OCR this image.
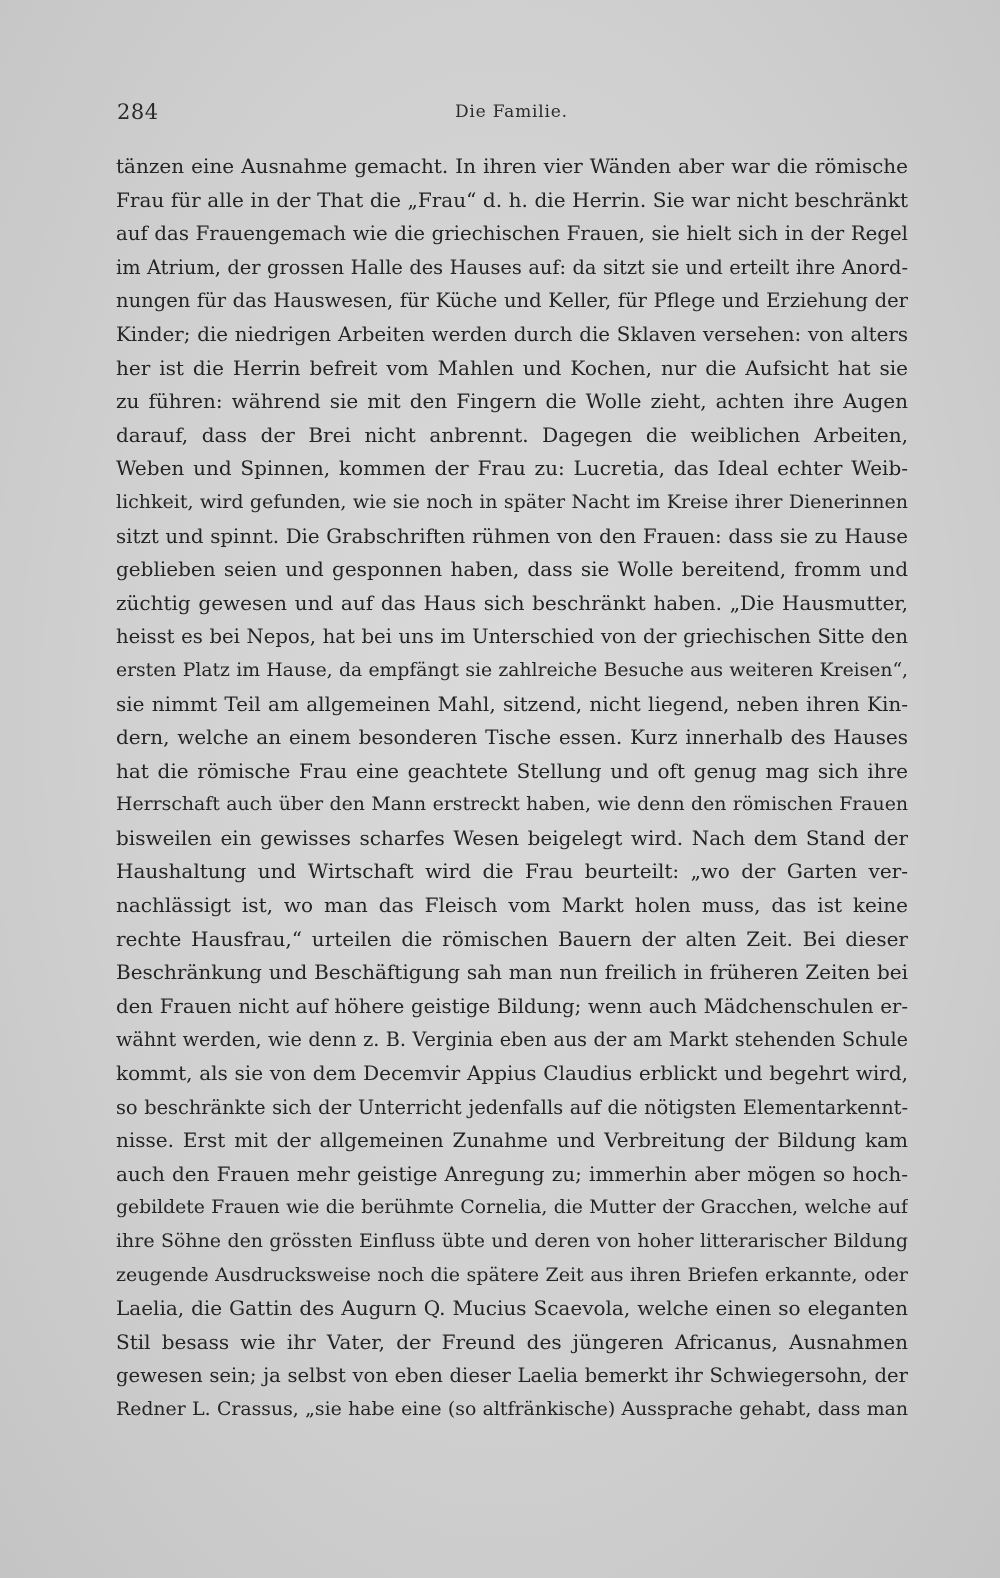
284	Die Familie.
tänzen eine Ausnahme gemacht. In ihren vier Wänden aber war die römische
Frau für alle in der That die „Frau“ d. h. die Herrin. Sie war nicht beschränkt
auf das Frauengemach wie die griechischen Frauen, sie hielt sich in der Regel
im Atrium, der grossen Halle des Hauses auf: da sitzt sie und erteilt ihre Anord-
nungen für das Hauswesen, für Küche und Keller, für Pflege und Erziehung der
Kinder; die niedrigen Arbeiten werden durch die Sklaven versehen: von alters
her ist die Herrin befreit vom Mahlen und Kochen, nur die Aufsicht hat sie
zu führen: während sie mit den Fingern die Wolle zieht, achten ihre Augen
darauf, dass der Brei nicht anbrennt. Dagegen die weiblichen Arbeiten,
Weben und Spinnen, kommen der Frau zu: Lucretia, das Ideal echter Weib-
lichkeit, wird gefunden, wie sie noch in später Nacht im Kreise ihrer Dienerinnen
sitzt und spinnt. Die Grabschriften rühmen von den Frauen: dass sie zu Hause
geblieben seien und gesponnen haben, dass sie Wolle bereitend, fromm und
züchtig gewesen und auf das Haus sich beschränkt haben. „Die Hausmutter,
heisst es bei Nepos, hat bei uns im Unterschied von der griechischen Sitte den
ersten Platz im Hause, da empfängt sie zahlreiche Besuche aus weiteren Kreisen“,
sie nimmt Teil am allgemeinen Mahl, sitzend, nicht liegend, neben ihren Kin-
dern, welche an einem besonderen Tische essen. Kurz innerhalb des Hauses
hat die römische Frau eine geachtete Stellung und oft genug mag sich ihre
Herrschaft auch über den Mann erstreckt haben, wie denn den römischen Frauen
bisweilen ein gewisses scharfes Wesen beigelegt wird. Nach dem Stand der
Haushaltung und Wirtschaft wird die Frau beurteilt: „wo der Garten ver-
nachlässigt ist, wo man das Fleisch vom Markt holen muss, das ist keine
rechte Hausfrau,“ urteilen die römischen Bauern der alten Zeit. Bei dieser
Beschränkung und Beschäftigung sah man nun freilich in früheren Zeiten bei
den Frauen nicht auf höhere geistige Bildung; wenn auch Mädchenschulen er-
wähnt werden, wie denn z. B. Verginia eben aus der am Markt stehenden Schule
kommt, als sie von dem Decemvir Appius Claudius erblickt und begehrt wird,
so beschränkte sich der Unterricht jedenfalls auf die nötigsten Elementarkennt-
nisse. Erst mit der allgemeinen Zunahme und Verbreitung der Bildung kam
auch den Frauen mehr geistige Anregung zu; immerhin aber mögen so hoch-
gebildete Frauen wie die berühmte Cornelia, die Mutter der Gracchen, welche auf
ihre Söhne den grössten Einfluss übte und deren von hoher litterarischer Bildung
zeugende Ausdrucksweise noch die spätere Zeit aus ihren Briefen erkannte, oder
Laelia, die Gattin des Augurn Q. Mucius Scaevola, welche einen so eleganten
Stil besass wie ihr Vater, der Freund des jüngeren Africanus, Ausnahmen
gewesen sein; ja selbst von eben dieser Laelia bemerkt ihr Schwiegersohn, der
Redner L. Crassus, „sie habe eine (so altfränkische) Aussprache gehabt, dass man
